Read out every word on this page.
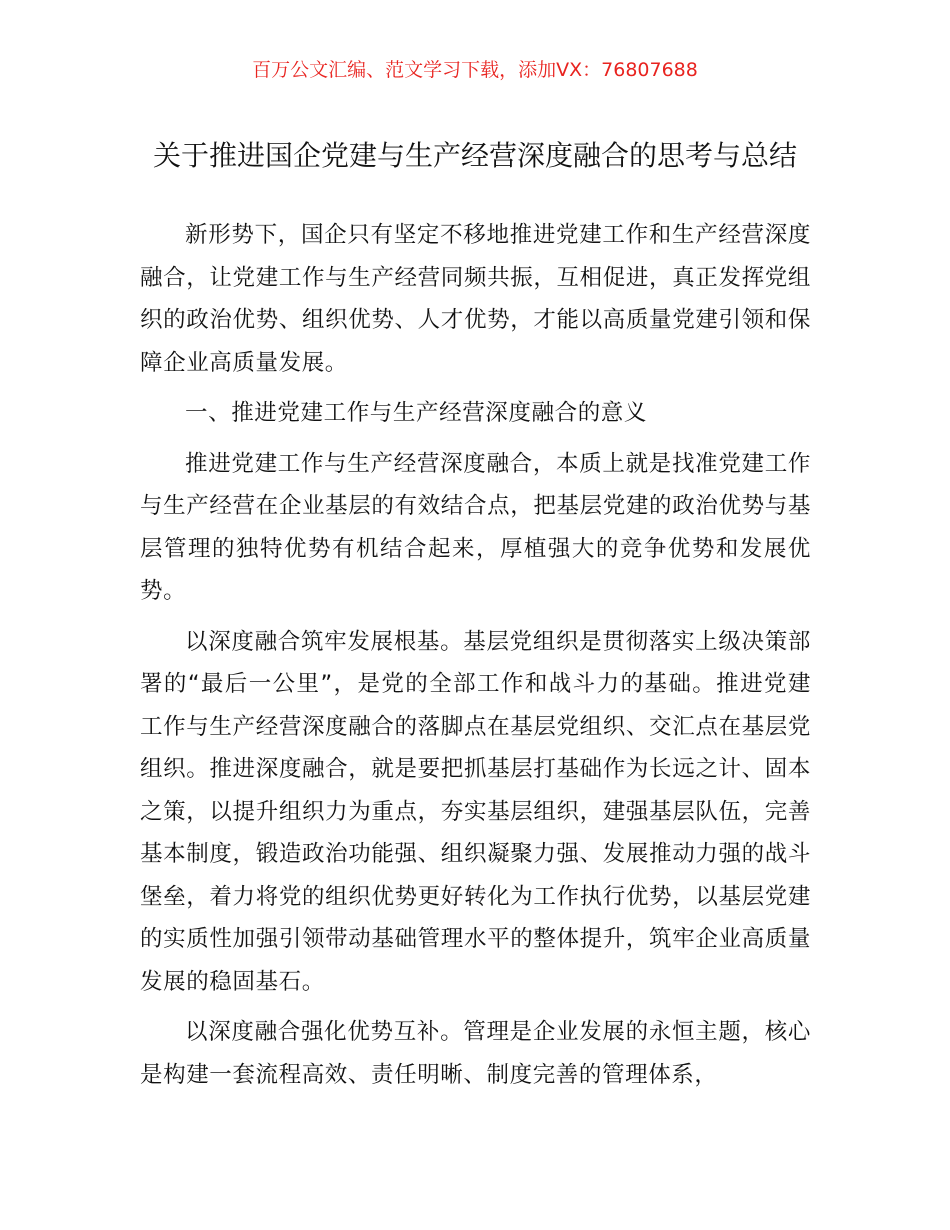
百万公文汇编、范文学习下载，添加VX：76807688
关于推进国企党建与生产经营深度融合的思考与总结

新形势下，国企只有坚定不移地推进党建工作和生产经营深度融合，让党建工作与生产经营同频共振，互相促进，真正发挥党组织的政治优势、组织优势、人才优势，才能以高质量党建引领和保障企业高质量发展。

一、推进党建工作与生产经营深度融合的意义

推进党建工作与生产经营深度融合，本质上就是找准党建工作与生产经营在企业基层的有效结合点，把基层党建的政治优势与基层管理的独特优势有机结合起来，厚植强大的竞争优势和发展优势。

以深度融合筑牢发展根基。基层党组织是贯彻落实上级决策部署的“最后一公里”，是党的全部工作和战斗力的基础。推进党建工作与生产经营深度融合的落脚点在基层党组织、交汇点在基层党组织。推进深度融合，就是要把抓基层打基础作为长远之计、固本之策，以提升组织力为重点，夯实基层组织，建强基层队伍，完善基本制度，锻造政治功能强、组织凝聚力强、发展推动力强的战斗堡垒，着力将党的组织优势更好转化为工作执行优势，以基层党建的实质性加强引领带动基础管理水平的整体提升，筑牢企业高质量发展的稳固基石。

以深度融合强化优势互补。管理是企业发展的永恒主题，核心是构建一套流程高效、责任明晰、制度完善的管理体系，
